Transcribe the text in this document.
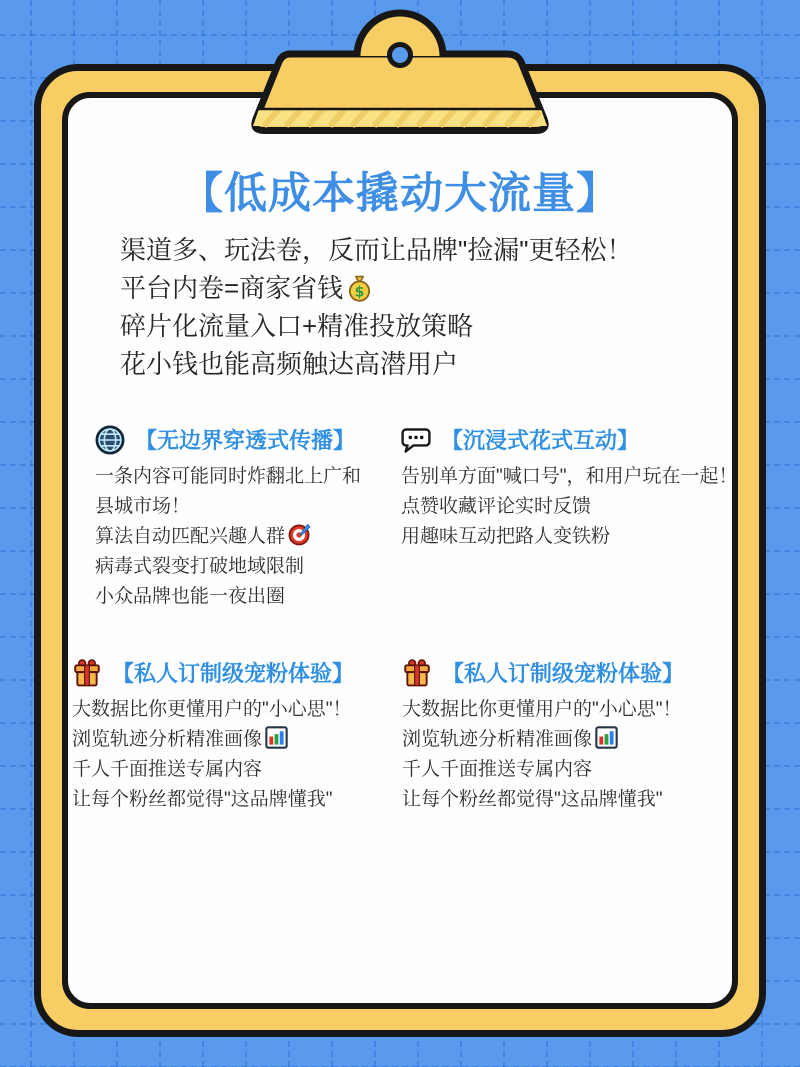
【低成本撬动大流量】
渠道多、玩法卷，反而让品牌"捡漏"更轻松！
平台内卷=商家省钱 $
碎片化流量入口+精准投放策略
花小钱也能高频触达高潜用户
【无边界穿透式传播】
一条内容可能同时炸翻北上广和
县城市场！
算法自动匹配兴趣人群
病毒式裂变打破地域限制
小众品牌也能一夜出圈
【沉浸式花式互动】
告别单方面"喊口号"，和用户玩在一起！
点赞收藏评论实时反馈
用趣味互动把路人变铁粉
【私人订制级宠粉体验】
大数据比你更懂用户的"小心思"！
浏览轨迹分析精准画像
千人千面推送专属内容
让每个粉丝都觉得"这品牌懂我"
【私人订制级宠粉体验】
大数据比你更懂用户的"小心思"！
浏览轨迹分析精准画像
千人千面推送专属内容
让每个粉丝都觉得"这品牌懂我"
